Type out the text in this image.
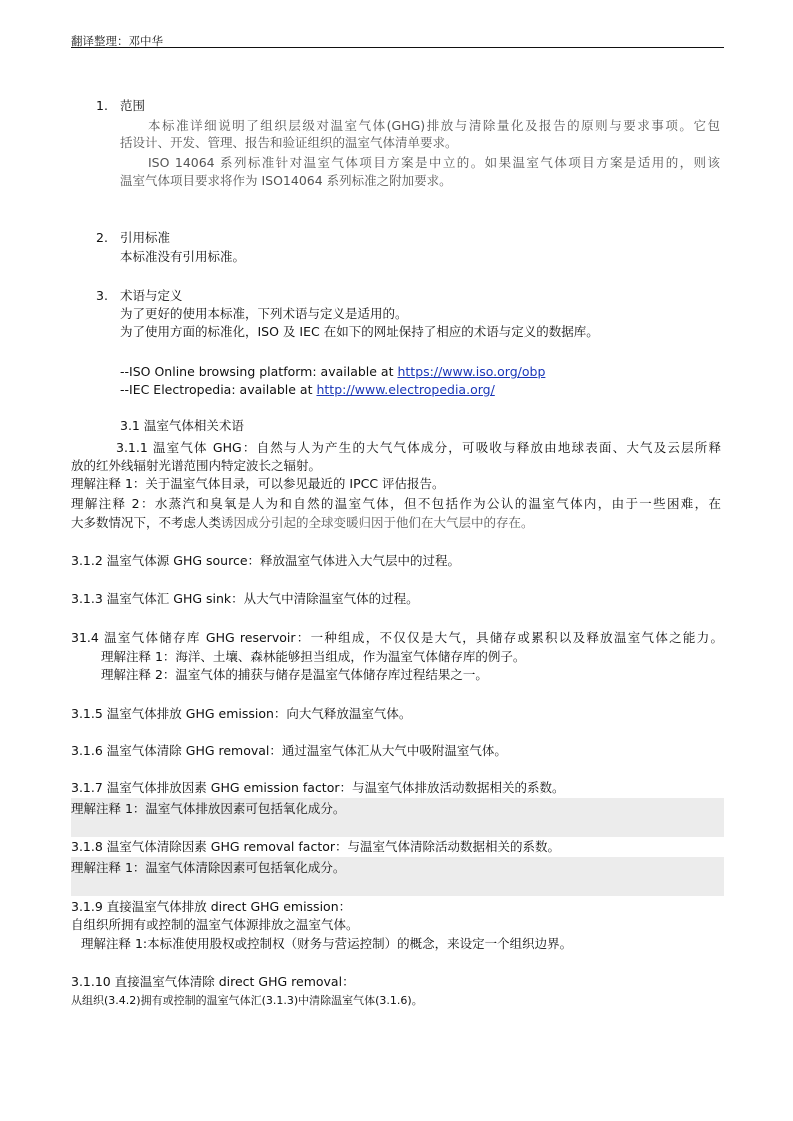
翻译整理：邓中华
1. 范围
本标准详细说明了组织层级对温室气体(GHG)排放与清除量化及报告的原则与要求事项。它包
括设计、开发、管理、报告和验证组织的温室气体清单要求。
ISO 14064 系列标准针对温室气体项目方案是中立的。如果温室气体项目方案是适用的，则该
温室气体项目要求将作为 ISO14064 系列标准之附加要求。
2. 引用标准
本标准没有引用标准。
3. 术语与定义
为了更好的使用本标准，下列术语与定义是适用的。
为了使用方面的标准化，ISO 及 IEC 在如下的网址保持了相应的术语与定义的数据库。
--ISO Online browsing platform: available at https://www.iso.org/obp
--IEC Electropedia: available at http://www.electropedia.org/
3.1 温室气体相关术语
3.1.1 温室气体 GHG：自然与人为产生的大气气体成分，可吸收与释放由地球表面、大气及云层所释
放的红外线辐射光谱范围内特定波长之辐射。
理解注释 1：关于温室气体目录，可以参见最近的 IPCC 评估报告。
理解注释 2：水蒸汽和臭氧是人为和自然的温室气体，但不包括作为公认的温室气体内，由于一些困难，在
大多数情况下，不考虑人类诱因成分引起的全球变暖归因于他们在大气层中的存在。
3.1.2 温室气体源 GHG source：释放温室气体进入大气层中的过程。
3.1.3 温室气体汇 GHG sink：从大气中清除温室气体的过程。
31.4 温室气体储存库 GHG reservoir：一种组成，不仅仅是大气，具储存或累积以及释放温室气体之能力。
理解注释 1：海洋、土壤、森林能够担当组成，作为温室气体储存库的例子。
理解注释 2：温室气体的捕获与储存是温室气体储存库过程结果之一。
3.1.5 温室气体排放 GHG emission：向大气释放温室气体。
3.1.6 温室气体清除 GHG removal：通过温室气体汇从大气中吸附温室气体。
3.1.7 温室气体排放因素 GHG emission factor：与温室气体排放活动数据相关的系数。
理解注释 1：温室气体排放因素可包括氧化成分。
3.1.8 温室气体清除因素 GHG removal factor：与温室气体清除活动数据相关的系数。
理解注释 1：温室气体清除因素可包括氧化成分。
3.1.9 直接温室气体排放 direct GHG emission：
自组织所拥有或控制的温室气体源排放之温室气体。
理解注释 1:本标准使用股权或控制权（财务与营运控制）的概念，来设定一个组织边界。
3.1.10 直接温室气体清除 direct GHG removal：
从组织(3.4.2)拥有或控制的温室气体汇(3.1.3)中清除温室气体(3.1.6)。
